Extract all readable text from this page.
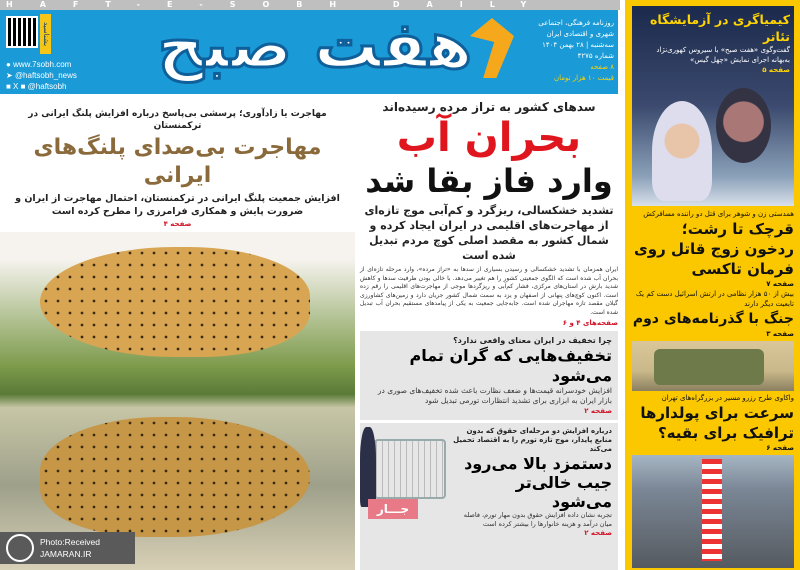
HAFT-E-SOBH DAILY
هفت صبح
بشناسید
● www.7sobh.com
➤ @haftsobh_news
■ X ■ @haftsobh
روزنامه فرهنگی، اجتماعی
شهری و اقتصادی ایران
سه‌شنبه | ۲۸ بهمن ۱۴۰۴
شماره ۴۲۷۵
۸ صفحه
قیمت ۱۰ هزار تومان
مهاجرت یا زادآوری؛ پرسشی بی‌پاسخ درباره افزایش پلنگ ایرانی در ترکمنستان
مهاجرت بی‌صدای پلنگ‌های ایرانی
افزایش جمعیت پلنگ ایرانی در ترکمنستان، احتمال مهاجرت از ایران و ضرورت پایش و همکاری فرامرزی را مطرح کرده است
صفحه ۴
Photo:Received
JAMARAN.IR
سدهای کشور به تراز مرده رسیده‌اند
بحران آب
وارد فاز بقا شد
تشدید خشکسالی، ریزگرد و کم‌آبی موج تازه‌ای از مهاجرت‌های اقلیمی در ایران ایجاد کرده و شمال کشور به مقصد اصلی کوچ مردم تبدیل شده است
ایران همزمان با تشدید خشکسالی و رسیدن بسیاری از سدها به «تراز مرده»، وارد مرحله تازه‌ای از بحران آب شده است که الگوی جمعیتی کشور را هم تغییر می‌دهد. با خالی بودن ظرفیت سدها و کاهش شدید بارش در استان‌های مرکزی، فشار کم‌آبی و ریزگردها موجی از مهاجرت‌های اقلیمی را رقم زده است. اکنون کوچ‌های پنهانی از اصفهان و یزد به سمت شمال کشور جریان دارد و زمین‌های کشاورزی گیلان مقصد تازه مهاجران شده است. جابه‌جایی جمعیت به یکی از پیامدهای مستقیم بحران آب تبدیل شده است.
صفحه‌های ۴ و ۶
چرا تخفیف در ایران معنای واقعی ندارد؟
تخفیف‌هایی که گران تمام می‌شود
افزایش خودسرانه قیمت‌ها و ضعف نظارت باعث شده تخفیف‌های صوری در بازار ایران به ابزاری برای تشدید انتظارات تورمی تبدیل شود
صفحه ۲
جـــار
درباره افزایش دو مرحله‌ای حقوق که بدون منابع پایدار، موج تازه تورم را به اقتصاد تحمیل می‌کند
دستمزد بالا می‌رود
جیب خالی‌تر می‌شود
تجربه نشان داده افزایش حقوق بدون مهار تورم، فاصله میان درآمد و هزینه خانوارها را بیشتر کرده است
صفحه ۲
کیمیاگری در آزمایشگاه تئاتر
گفت‌وگوی «هفت صبح» با سیروس کهوری‌نژاد به‌بهانه اجرای نمایش «چهل گیس»
صفحه ۵
همدستی زن و شوهر برای قتل دو راننده مسافرکش
قرچک تا رشت؛ ردخون زوج قاتل روی فرمان تاکسی
صفحه ۷
بیش از ۵۰ هزار نظامی در ارتش اسرائیل دست کم یک تابعیت دیگر دارند
جنگ با گذرنامه‌های دوم
صفحه ۳
واکاوی طرح رزرو مسیر در بزرگراه‌های تهران
سرعت برای پولدارها ترافیک برای بقیه؟
صفحه ۶
